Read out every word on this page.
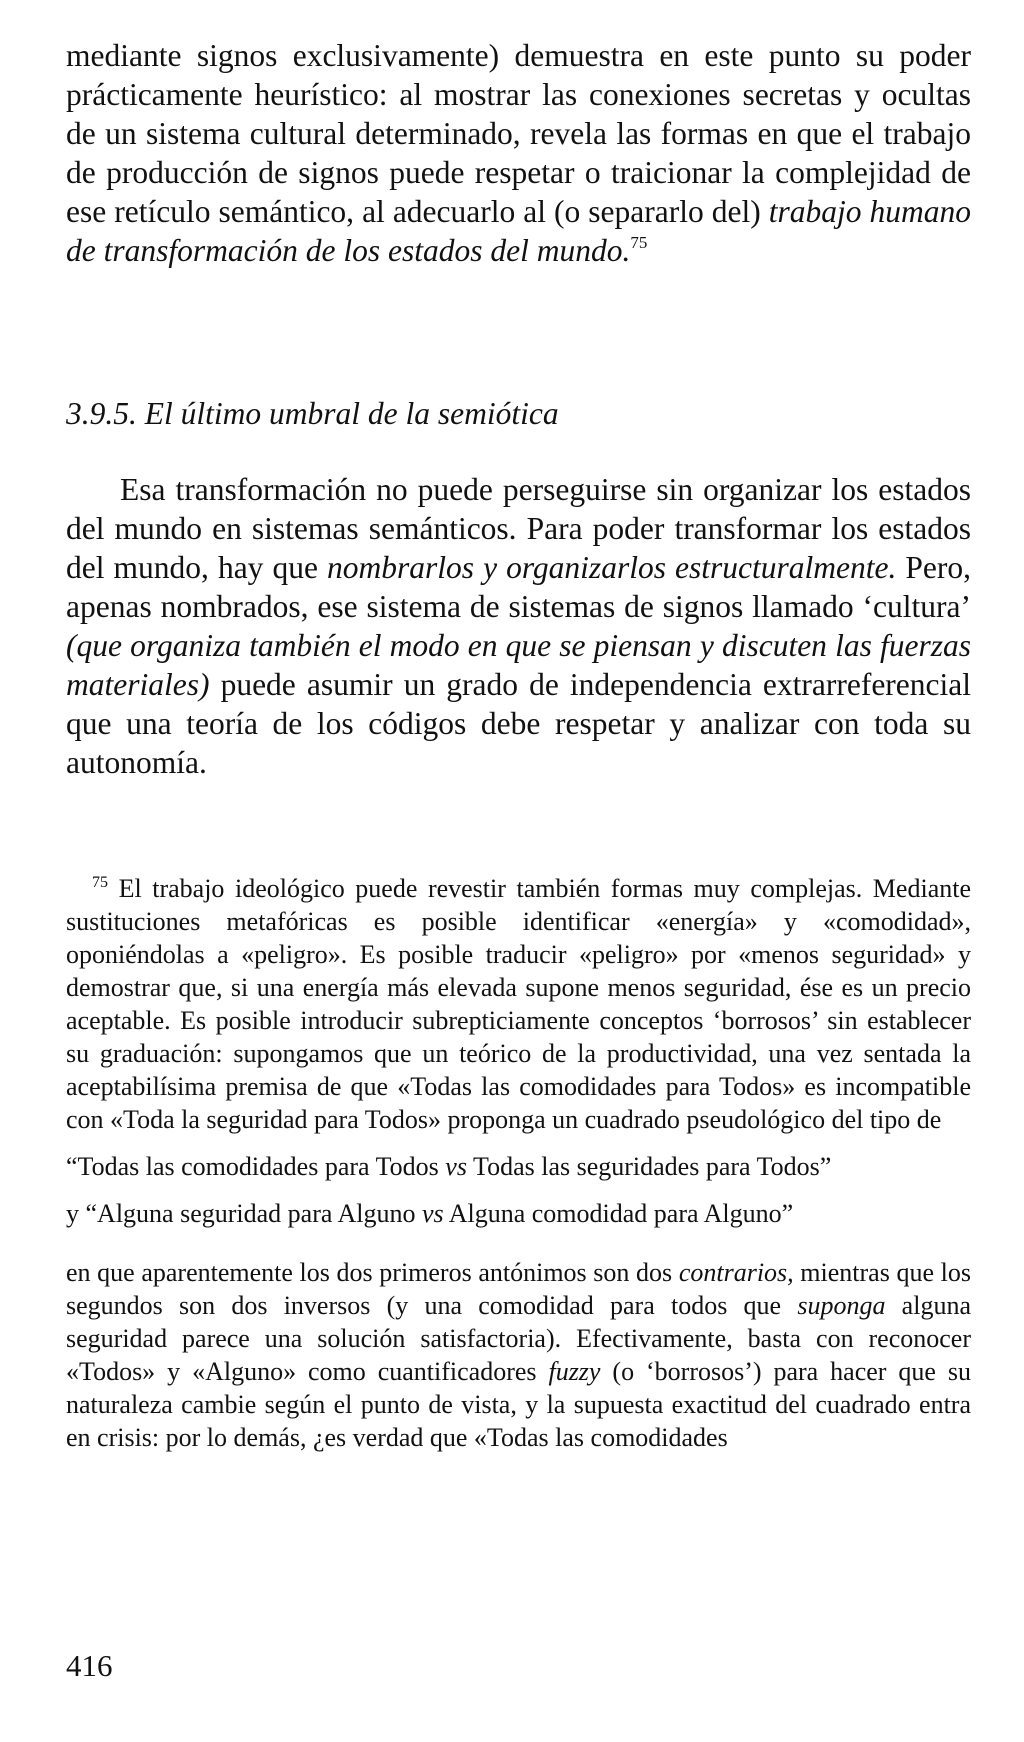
mediante signos exclusivamente) demuestra en este punto su poder prácticamente heurístico: al mostrar las conexiones secretas y ocultas de un sistema cultural determinado, revela las formas en que el trabajo de producción de signos puede respetar o traicionar la complejidad de ese retículo semántico, al adecuarlo al (o separarlo del) trabajo humano de transformación de los estados del mundo.$^{75}$

3.9.5. El último umbral de la semiótica

Esa transformación no puede perseguirse sin organizar los estados del mundo en sistemas semánticos. Para poder transformar los estados del mundo, hay que nombrarlos y organizarlos estructuralmente. Pero, apenas nombrados, ese sistema de sistemas de signos llamado ‘cultura’ (que organiza también el modo en que se piensan y discuten las fuerzas materiales) puede asumir un grado de independencia extrarreferencial que una teoría de los códigos debe respetar y analizar con toda su autonomía.

$^{75}$ El trabajo ideológico puede revestir también formas muy complejas. Mediante sustituciones metafóricas es posible identificar «energía» y «comodidad», oponiéndolas a «peligro». Es posible traducir «peligro» por «menos seguridad» y demostrar que, si una energía más elevada supone menos seguridad, ése es un precio aceptable. Es posible introducir subrepticiamente conceptos ‘borrosos’ sin establecer su graduación: supongamos que un teórico de la productividad, una vez sentada la aceptabilísima premisa de que «Todas las comodidades para Todos» es incompatible con «Toda la seguridad para Todos» proponga un cuadrado pseudológico del tipo de

“Todas las comodidades para Todos vs Todas las seguridades para Todos”

y “Alguna seguridad para Alguno vs Alguna comodidad para Alguno”

en que aparentemente los dos primeros antónimos son dos contrarios, mientras que los segundos son dos inversos (y una comodidad para todos que suponga alguna seguridad parece una solución satisfactoria). Efectivamente, basta con reconocer «Todos» y «Alguno» como cuantificadores fuzzy (o ‘borrosos’) para hacer que su naturaleza cambie según el punto de vista, y la supuesta exactitud del cuadrado entra en crisis: por lo demás, ¿es verdad que «Todas las comodidades

416
